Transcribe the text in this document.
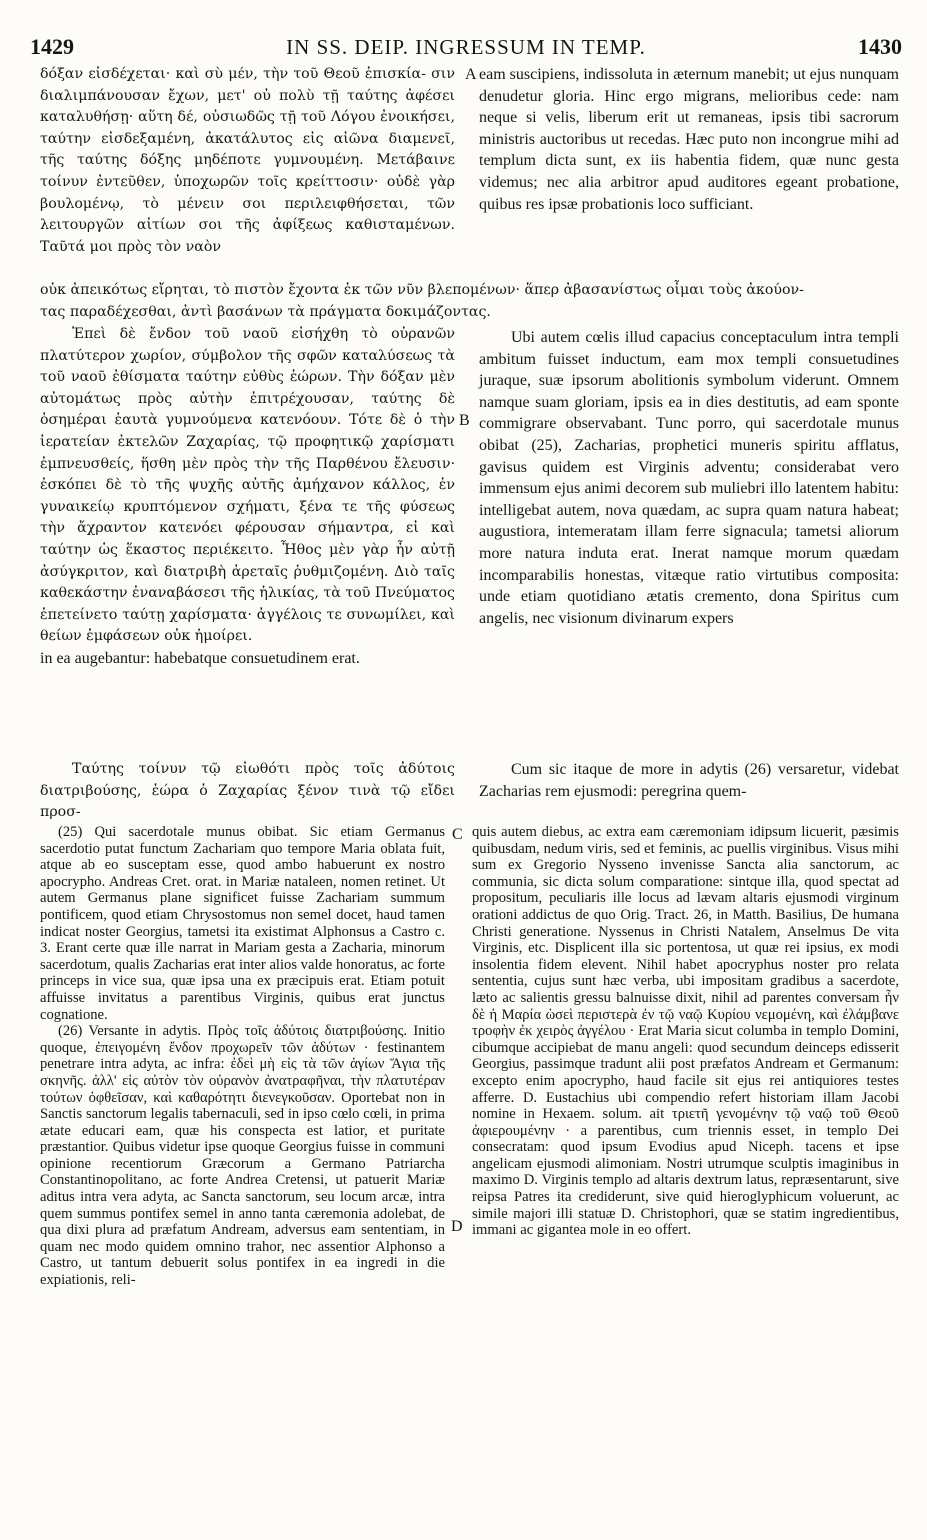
1429	IN SS. DEIP. INGRESSUM IN TEMP.	1430

δόξαν εἰσδέχεται· καὶ σὺ μέν, τὴν τοῦ Θεοῦ ἐπισκία- σιν διαλιμπάνουσαν ἔχων, μετ' οὐ πολὺ τῇ ταύτης ἀφέσει καταλυθήσῃ· αὕτη δέ, οὐσιωδῶς τῇ τοῦ Λόγου ἐνοικήσει, ταύτην εἰσδεξαμένη, ἀκατάλυτος εἰς αἰῶνα διαμενεῖ, τῆς ταύτης δόξης μηδέποτε γυμνουμένη. Μετάβαινε τοίνυν ἐντεῦθεν, ὑποχωρῶν τοῖς κρείττοσιν· οὐδὲ γὰρ βουλομένῳ, τὸ μένειν σοι περιλειφθήσεται, τῶν λειτουργῶν αἰτίων σοι τῆς ἀφίξεως καθισταμένων. Ταῦτά μοι πρὸς τὸν ναὸν

A eam suscipiens, indissoluta in æternum manebit; ut ejus nunquam denudetur gloria. Hinc ergo migrans, melioribus cede: nam neque si velis, liberum erit ut remaneas, ipsis tibi sacrorum ministris auctoribus ut recedas. Hæc puto non incongrue mihi ad templum dicta sunt, ex iis habentia fidem, quæ nunc gesta videmus; nec alia arbitror apud auditores egeant probatione, quibus res ipsæ probationis loco sufficiant.

οὐκ ἀπεικότως εἴρηται, τὸ πιστὸν ἔχοντα ἐκ τῶν νῦν βλεπομένων· ἅπερ ἀβασανίστως οἶμαι τοὺς ἀκούον-
τας παραδέχεσθαι, ἀντὶ βασάνων τὰ πράγματα δοκιμάζοντας.

Ἐπεὶ δὲ ἔνδον τοῦ ναοῦ εἰσήχθη τὸ οὐρανῶν πλατύτερον χωρίον, σύμβολον τῆς σφῶν καταλύσεως τὰ τοῦ ναοῦ ἐθίσματα ταύτην εὐθὺς ἑώρων. Τὴν δόξαν μὲν αὐτομάτως πρὸς αὐτὴν ἐπιτρέχουσαν, ταύτης δὲ ὁσημέραι ἑαυτὰ γυμνούμενα κατενόουν. Τότε δὲ ὁ τὴν ἱερατείαν ἐκτελῶν Ζαχαρίας, τῷ προφητικῷ χαρίσματι ἐμπνευσθείς, ἥσθη μὲν πρὸς τὴν τῆς Παρθένου ἔλευσιν· ἐσκόπει δὲ τὸ τῆς ψυχῆς αὐτῆς ἀμήχανον κάλλος, ἐν γυναικείῳ κρυπτόμενον σχήματι, ξένα τε τῆς φύσεως τὴν ἄχραντον κατενόει φέρουσαν σήμαντρα, εἰ καὶ ταύτην ὡς ἕκαστος περιέκειτο. Ἦθος μὲν γὰρ ἦν αὐτῇ ἀσύγκριτον, καὶ διατριβὴ ἀρεταῖς ῥυθμιζομένη. Διὸ ταῖς καθεκάστην ἐναναβάσεσι τῆς ἡλικίας, τὰ τοῦ Πνεύματος ἐπετείνετο ταύτῃ χαρίσματα· ἀγγέλοις τε συνωμίλει, καὶ θείων ἐμφάσεων οὐκ ἠμοίρει.

in ea augebantur: habebatque consuetudinem erat.

B

Ubi autem cœlis illud capacius conceptaculum intra templi ambitum fuisset inductum, eam mox templi consuetudines juraque, suæ ipsorum abolitionis symbolum viderunt. Omnem namque suam gloriam, ipsis ea in dies destitutis, ad eam sponte commigrare observabant. Tunc porro, qui sacerdotale munus obibat (25), Zacharias, prophetici muneris spiritu afflatus, gavisus quidem est Virginis adventu; considerabat vero immensum ejus animi decorem sub muliebri illo latentem habitu: intelligebat autem, nova quædam, ac supra quam natura habeat; augustiora, intemeratam illam ferre signacula; tametsi aliorum more natura induta erat. Inerat namque morum quædam incomparabilis honestas, vitæque ratio virtutibus composita: unde etiam quotidiano ætatis cremento, dona Spiritus cum angelis, nec visionum divinarum expers

Ταύτης τοίνυν τῷ εἰωθότι πρὸς τοῖς ἀδύτοις διατριβούσης, ἑώρα ὁ Ζαχαρίας ξένον τινὰ τῷ εἴδει προσ-

Cum sic itaque de more in adytis (26) versaretur, videbat Zacharias rem ejusmodi: peregrina quem-

C
D

(25) Qui sacerdotale munus obibat. Sic etiam Germanus sacerdotio putat functum Zachariam quo tempore Maria oblata fuit, atque ab eo susceptam esse, quod ambo habuerunt ex nostro apocrypho. Andreas Cret. orat. in Mariæ nataleen, nomen retinet. Ut autem Germanus plane significet fuisse Zachariam summum pontificem, quod etiam Chrysostomus non semel docet, haud tamen indicat noster Georgius, tametsi ita existimat Alphonsus a Castro c. 3. Erant certe quæ ille narrat in Mariam gesta a Zacharia, minorum sacerdotum, qualis Zacharias erat inter alios valde honoratus, ac forte princeps in vice sua, quæ ipsa una ex præcipuis erat. Etiam potuit affuisse invitatus a parentibus Virginis, quibus erat junctus cognatione.

(26) Versante in adytis. Πρὸς τοῖς ἀδύτοις διατριβούσης. Initio quoque, ἐπειγομένη ἔνδον προχωρεῖν τῶν ἀδύτων · festinantem penetrare intra adyta, ac infra: ἐδεὶ μὴ εἰς τὰ τῶν ἁγίων Ἅγια τῆς σκηνῆς. ἀλλ' εἰς αὐτὸν τὸν οὐρανὸν ἀνατραφῆναι, τὴν πλατυτέραν τούτων ὀφθεῖσαν, καὶ καθαρότητι διενεγκοῦσαν. Oportebat non in Sanctis sanctorum legalis tabernaculi, sed in ipso cœlo cœli, in prima ætate educari eam, quæ his conspecta est latior, et puritate præstantior. Quibus videtur ipse quoque Georgius fuisse in communi opinione recentiorum Græcorum a Germano Patriarcha Constantinopolitano, ac forte Andrea Cretensi, ut patuerit Mariæ aditus intra vera adyta, ac Sancta sanctorum, seu locum arcæ, intra quem summus pontifex semel in anno tanta cæremonia adolebat, de qua dixi plura ad præfatum Andream, adversus eam sententiam, in quam nec modo quidem omnino trahor, nec assentior Alphonso a Castro, ut tantum debuerit solus pontifex in ea ingredi in die expiationis, reli-

quis autem diebus, ac extra eam cæremoniam idipsum licuerit, pæsimis quibusdam, nedum viris, sed et feminis, ac puellis virginibus. Visus mihi sum ex Gregorio Nysseno invenisse Sancta alia sanctorum, ac communia, sic dicta solum comparatione: sintque illa, quod spectat ad propositum, peculiaris ille locus ad lævam altaris ejusmodi virginum orationi addictus de quo Orig. Tract. 26, in Matth. Basilius, De humana Christi generatione. Nyssenus in Christi Natalem, Anselmus De vita Virginis, etc. Displicent illa sic portentosa, ut quæ rei ipsius, ex modi insolentia fidem elevent. Nihil habet apocryphus noster pro relata sententia, cujus sunt hæc verba, ubi impositam gradibus a sacerdote, læto ac salientis gressu balnuisse dixit, nihil ad parentes conversam ἦν δὲ ἡ Μαρία ὡσεὶ περιστερὰ ἐν τῷ ναῷ Κυρίου νεμομένη, καὶ ἐλάμβανε τροφὴν ἐκ χειρὸς ἀγγέλου · Erat Maria sicut columba in templo Domini, cibumque accipiebat de manu angeli: quod secundum deinceps edisserit Georgius, passimque tradunt alii post præfatos Andream et Germanum: excepto enim apocrypho, haud facile sit ejus rei antiquiores testes afferre. D. Eustachius ubi compendio refert historiam illam Jacobi nomine in Hexaem. solum. ait τριετῆ γενομένην τῷ ναῷ τοῦ Θεοῦ ἀφιερουμένην · a parentibus, cum triennis esset, in templo Dei consecratam: quod ipsum Evodius apud Niceph. tacens et ipse angelicam ejusmodi alimoniam. Nostri utrumque sculptis imaginibus in maximo D. Virginis templo ad altaris dextrum latus, repræsentarunt, sive reipsa Patres ita crediderunt, sive quid hieroglyphicum voluerunt, ac simile majori illi statuæ D. Christophori, quæ se statim ingredientibus, immani ac gigantea mole in eo offert.
